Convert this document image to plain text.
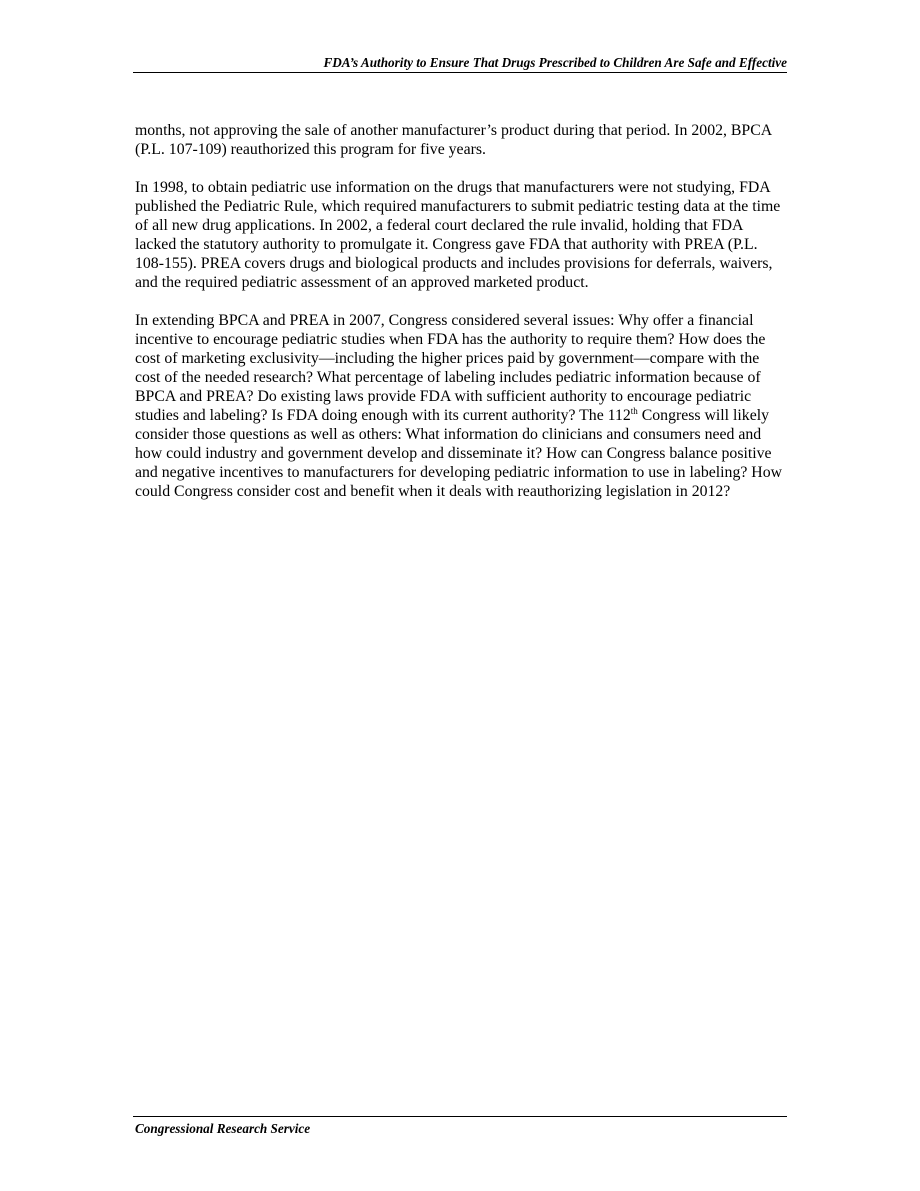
FDA’s Authority to Ensure That Drugs Prescribed to Children Are Safe and Effective

months, not approving the sale of another manufacturer’s product during that period. In 2002, BPCA (P.L. 107-109) reauthorized this program for five years.

In 1998, to obtain pediatric use information on the drugs that manufacturers were not studying, FDA published the Pediatric Rule, which required manufacturers to submit pediatric testing data at the time of all new drug applications. In 2002, a federal court declared the rule invalid, holding that FDA lacked the statutory authority to promulgate it. Congress gave FDA that authority with PREA (P.L. 108-155). PREA covers drugs and biological products and includes provisions for deferrals, waivers, and the required pediatric assessment of an approved marketed product.

In extending BPCA and PREA in 2007, Congress considered several issues: Why offer a financial incentive to encourage pediatric studies when FDA has the authority to require them? How does the cost of marketing exclusivity—including the higher prices paid by government—compare with the cost of the needed research? What percentage of labeling includes pediatric information because of BPCA and PREA? Do existing laws provide FDA with sufficient authority to encourage pediatric studies and labeling? Is FDA doing enough with its current authority? The 112th Congress will likely consider those questions as well as others: What information do clinicians and consumers need and how could industry and government develop and disseminate it? How can Congress balance positive and negative incentives to manufacturers for developing pediatric information to use in labeling? How could Congress consider cost and benefit when it deals with reauthorizing legislation in 2012?

Congressional Research Service
